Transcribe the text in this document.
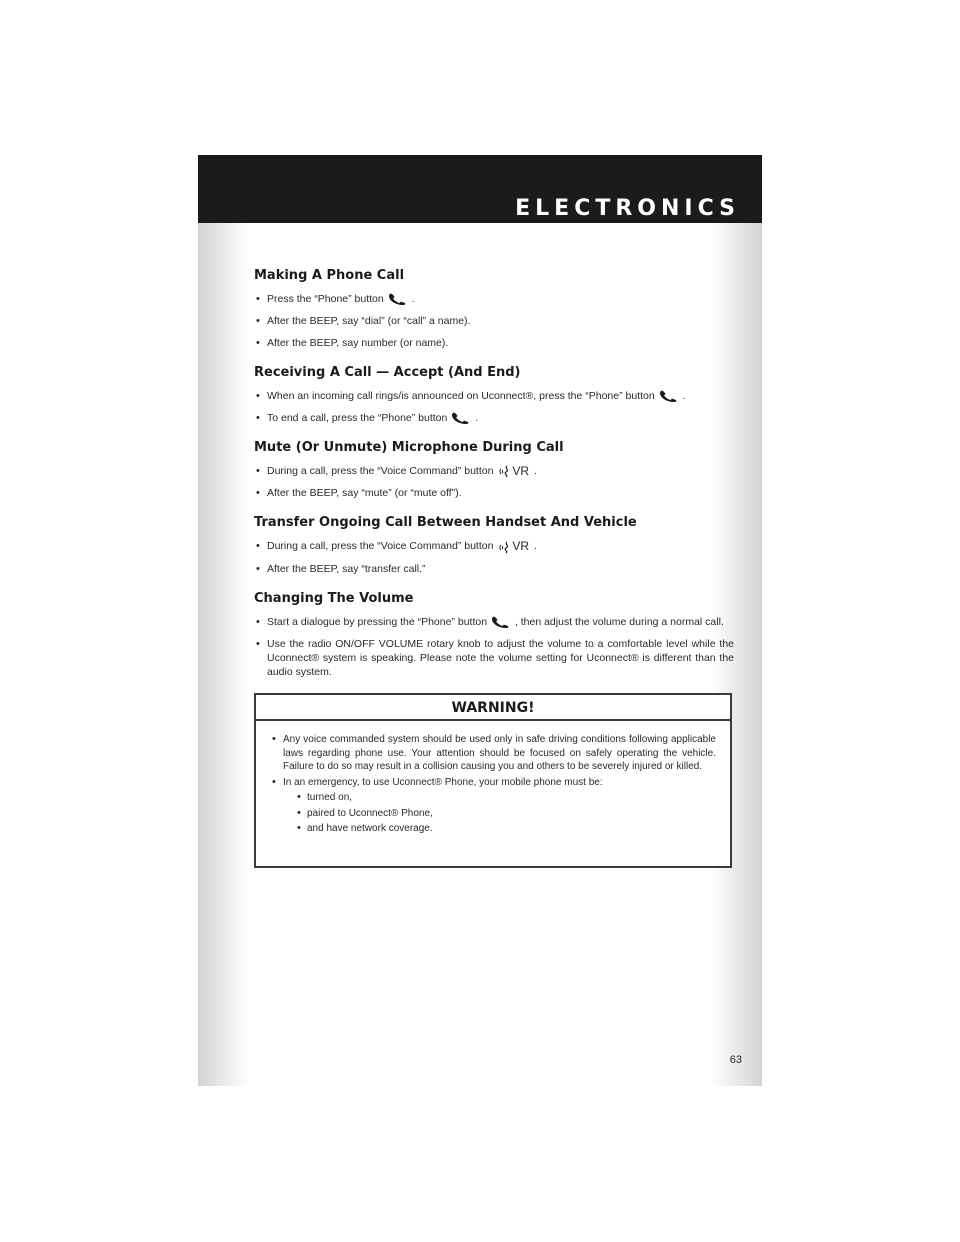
ELECTRONICS
Making A Phone Call
• Press the “Phone” button	.
• After the BEEP, say “dial” (or “call” a name).
• After the BEEP, say number (or name).
Receiving A Call — Accept (And End)
• When an incoming call rings/is announced on Uconnect®, press the “Phone” button	.
• To end a call, press the “Phone” button	.
Mute (Or Unmute) Microphone During Call
• During a call, press the “Voice Command” button VR .
• After the BEEP, say “mute” (or “mute off”).
Transfer Ongoing Call Between Handset And Vehicle
• During a call, press the “Voice Command” button VR .
• After the BEEP, say “transfer call.”
Changing The Volume
• Start a dialogue by pressing the “Phone” button	, then adjust the volume during a normal call.
• Use the radio ON/OFF VOLUME rotary knob to adjust the volume to a comfortable level while the Uconnect® system is speaking. Please note the volume setting for Uconnect® is different than the audio system.
WARNING!
• Any voice commanded system should be used only in safe driving conditions following applicable laws regarding phone use. Your attention should be focused on safely operating the vehicle. Failure to do so may result in a collision causing you and others to be severely injured or killed.
• In an emergency, to use Uconnect® Phone, your mobile phone must be:
• turned on,
• paired to Uconnect® Phone,
• and have network coverage.
63
